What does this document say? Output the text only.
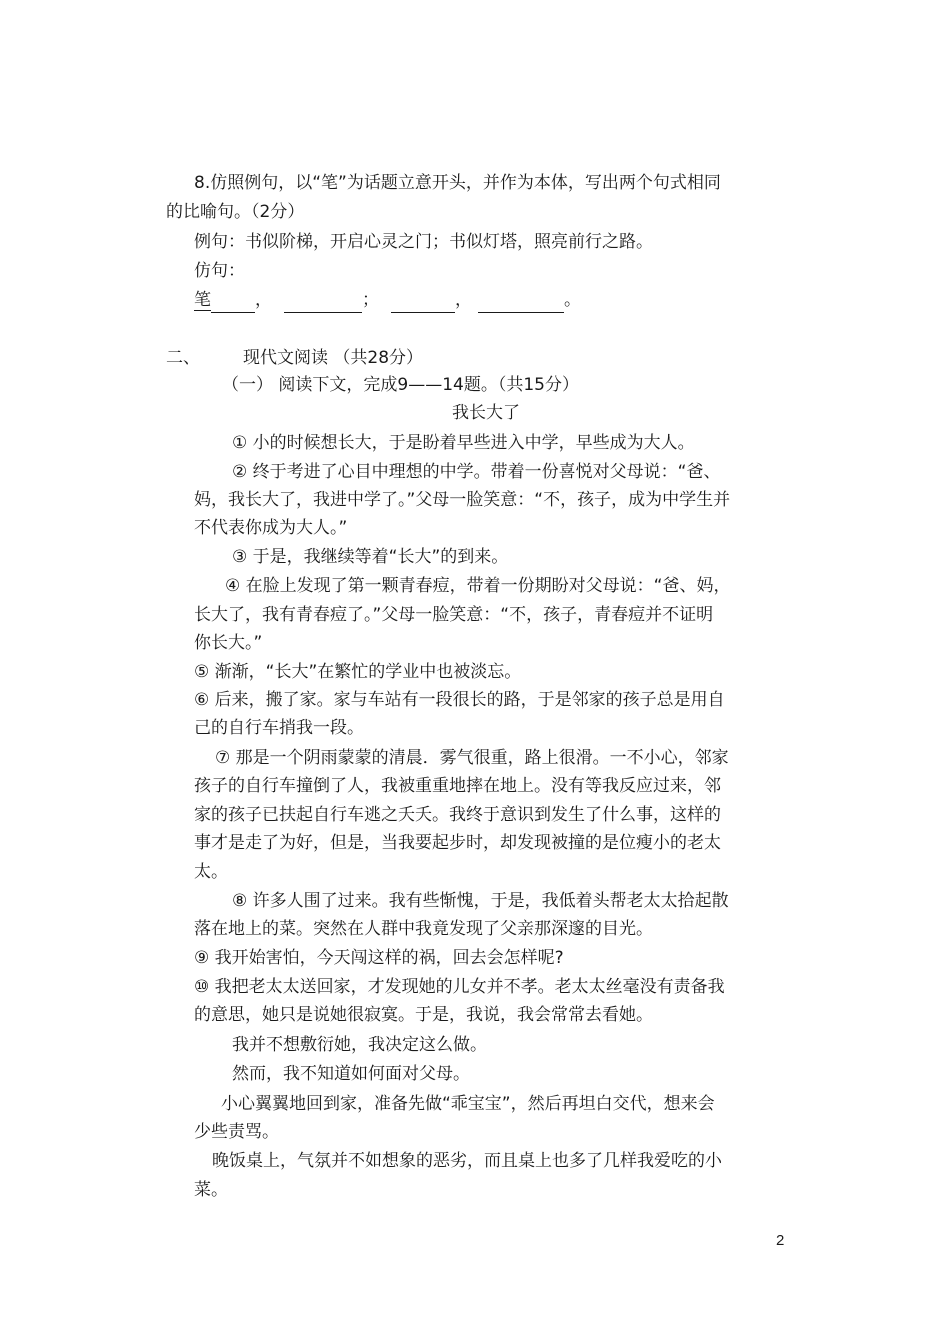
8.仿照例句，以“笔”为话题立意开头，并作为本体，写出两个句式相同
的比喻句。（2分）
例句：书似阶梯，开启心灵之门；书似灯塔，照亮前行之路。
仿句：
笔	，	；	，	。
二、	现代文阅读 （共28分）
（一） 阅读下文，完成9——14题。（共15分）
我长大了
① 小的时候想长大，于是盼着早些进入中学，早些成为大人。
② 终于考进了心目中理想的中学。带着一份喜悦对父母说：“爸、
妈，我长大了，我进中学了。”父母一脸笑意：“不，孩子，成为中学生并
不代表你成为大人。”
③ 于是，我继续等着“长大”的到来。
④ 在脸上发现了第一颗青春痘，带着一份期盼对父母说：“爸、妈，
长大了，我有青春痘了。”父母一脸笑意：“不，孩子，青春痘并不证明
你长大。”
⑤ 渐渐，“长大”在繁忙的学业中也被淡忘。
⑥ 后来，搬了家。家与车站有一段很长的路，于是邻家的孩子总是用自
己的自行车捎我一段。
⑦ 那是一个阴雨蒙蒙的清晨．雾气很重，路上很滑。一不小心，邻家
孩子的自行车撞倒了人，我被重重地摔在地上。没有等我反应过来，邻
家的孩子已扶起自行车逃之夭夭。我终于意识到发生了什么事，这样的
事才是走了为好，但是，当我要起步时，却发现被撞的是位瘦小的老太
太。
⑧ 许多人围了过来。我有些惭愧，于是，我低着头帮老太太拾起散
落在地上的菜。突然在人群中我竟发现了父亲那深邃的目光。
⑨ 我开始害怕，今天闯这样的祸，回去会怎样呢?
⑩ 我把老太太送回家，才发现她的儿女并不孝。老太太丝毫没有责备我
的意思，她只是说她很寂寞。于是，我说，我会常常去看她。
我并不想敷衍她，我决定这么做。
然而，我不知道如何面对父母。
小心翼翼地回到家，准备先做“乖宝宝”，然后再坦白交代，想来会
少些责骂。
晚饭桌上，气氛并不如想象的恶劣，而且桌上也多了几样我爱吃的小
菜。
2
